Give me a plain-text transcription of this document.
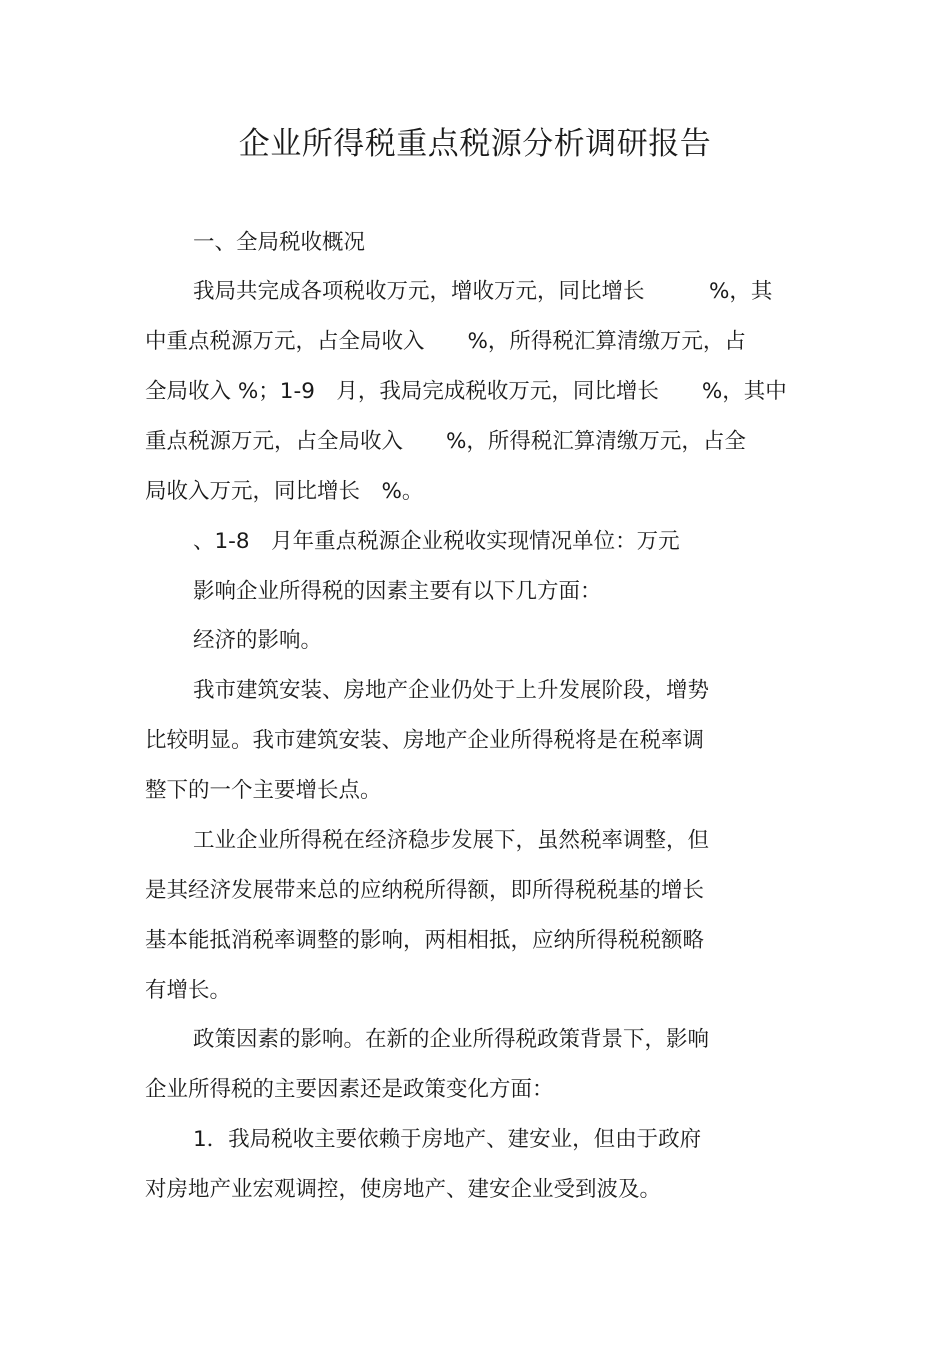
企业所得税重点税源分析调研报告
一、全局税收概况
我局共完成各项税收万元，增收万元，同比增长　　　%，其
中重点税源万元，占全局收入　　%，所得税汇算清缴万元，占
全局收入 %；1-9　月，我局完成税收万元，同比增长　　%，其中
重点税源万元，占全局收入　　%，所得税汇算清缴万元，占全
局收入万元，同比增长　%。
、1-8　月年重点税源企业税收实现情况单位：万元
影响企业所得税的因素主要有以下几方面：
经济的影响。
我市建筑安装、房地产企业仍处于上升发展阶段，增势
比较明显。我市建筑安装、房地产企业所得税将是在税率调
整下的一个主要增长点。
工业企业所得税在经济稳步发展下，虽然税率调整，但
是其经济发展带来总的应纳税所得额，即所得税税基的增长
基本能抵消税率调整的影响，两相相抵，应纳所得税税额略
有增长。
政策因素的影响。在新的企业所得税政策背景下，影响
企业所得税的主要因素还是政策变化方面：
1．我局税收主要依赖于房地产、建安业，但由于政府
对房地产业宏观调控，使房地产、建安企业受到波及。
